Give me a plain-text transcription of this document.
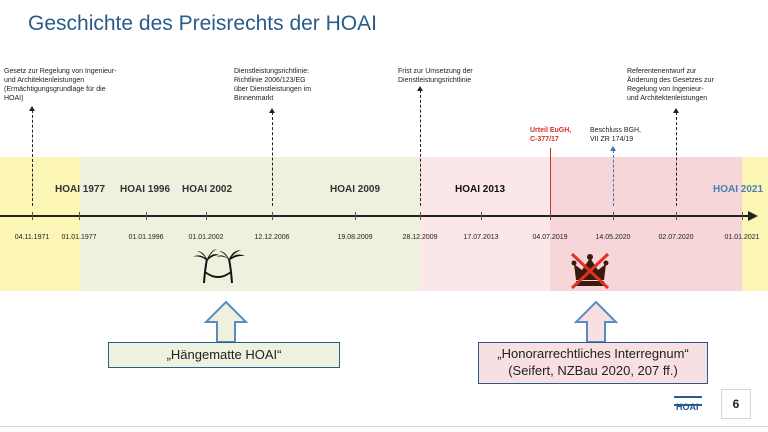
Geschichte des Preisrechts der HOAI
Gesetz zur Regelung von Ingenieur-
und Architektenleistungen
(Ermächtigungsgrundlage für die
HOAI)
Dienstleistungsrichtlinie:
Richtlinie 2006/123/EG
über Dienstleistungen im
Binnenmarkt
Frist zur Umsetzung der
Dienstleistungsrichtlinie
Urteil EuGH,
C-377/17
Beschluss BGH,
VII ZR 174/19
Referentenentwurf zur
Änderung des Gesetzes zur
Regelung von Ingenieur-
und Architektenleistungen
HOAI 1977 HOAI 1996 HOAI 2002	HOAI 2009	HOAI 2013	HOAI 2021
04.11.1971 01.01.1977	01.01.1996	01.01.2002	12.12.2006	19.08.2009	28.12.2009	17.07.2013	04.07.2019	14.05.2020	02.07.2020	01.01.2021
„Hängematte HOAI“	„Honorarrechtliches Interregnum“
(Seifert, NZBau 2020, 207 ff.)
HOAI	6
